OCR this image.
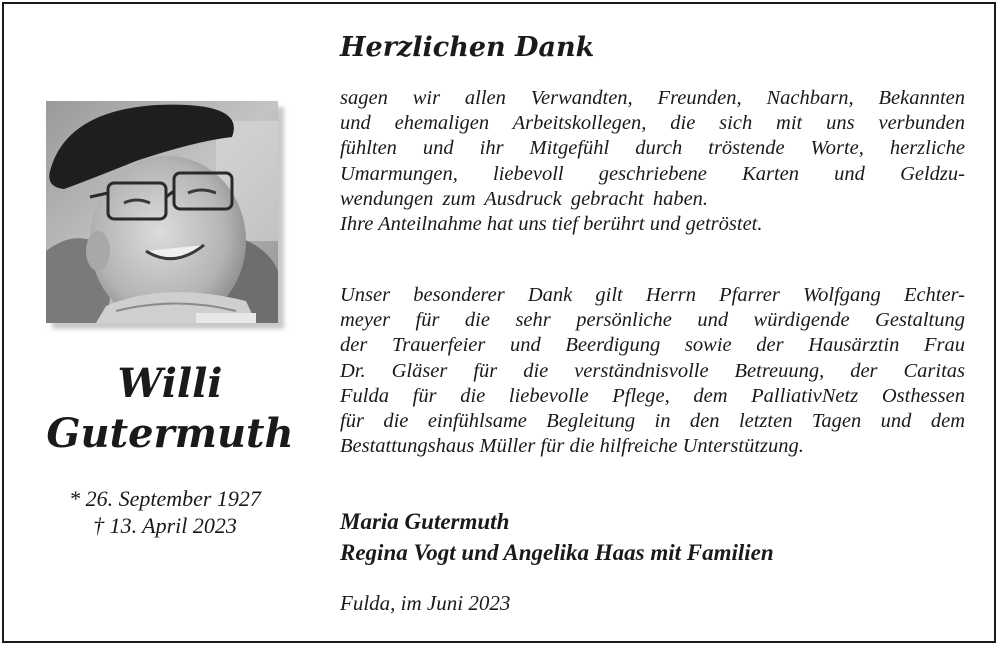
Willi
Gutermuth
* 26. September 1927
† 13. April 2023
Herzlichen Dank
sagen wir allen Verwandten, Freunden, Nachbarn, Bekannten
und ehemaligen Arbeitskollegen, die sich mit uns verbunden
fühlten und ihr Mitgefühl durch tröstende Worte, herzliche
Umarmungen, liebevoll geschriebene Karten und Geldzu-
wendungen zum Ausdruck gebracht haben.
Ihre Anteilnahme hat uns tief berührt und getröstet.
Unser besonderer Dank gilt Herrn Pfarrer Wolfgang Echter-
meyer für die sehr persönliche und würdigende Gestaltung
der Trauerfeier und Beerdigung sowie der Hausärztin Frau
Dr. Gläser für die verständnisvolle Betreuung, der Caritas
Fulda für die liebevolle Pflege, dem PalliativNetz Osthessen
für die einfühlsame Begleitung in den letzten Tagen und dem
Bestattungshaus Müller für die hilfreiche Unterstützung.
Maria Gutermuth
Regina Vogt und Angelika Haas mit Familien
Fulda, im Juni 2023
